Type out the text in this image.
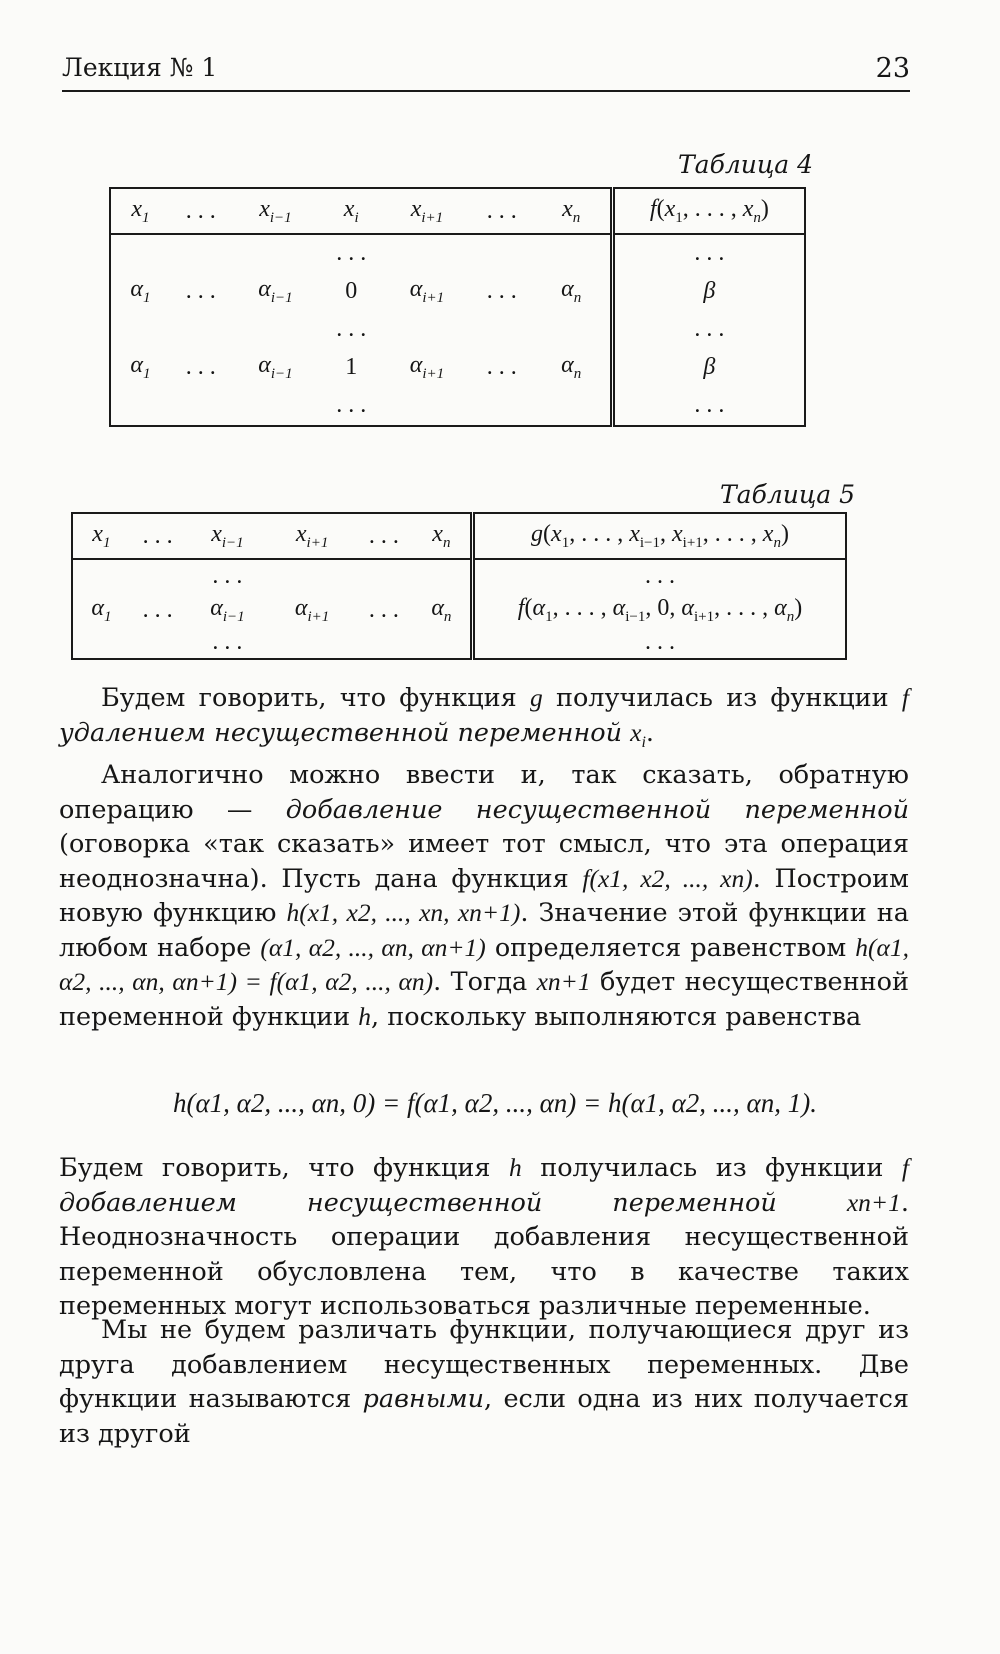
Лекция № 1	23
Таблица 4
$x_1$	. . .	$x_{i-1}$	$x_i$	$x_{i+1}$	. . .	$x_n$	$f(x_1$, . . . , $x_n$)
			. . .				. . .
$\alpha_1$	. . .	$\alpha_{i-1}$	0	$\alpha_{i+1}$	. . .	$\alpha_n$	β
			. . .				. . .
$\alpha_1$	. . .	$\alpha_{i-1}$	1	$\alpha_{i+1}$	. . .	$\alpha_n$	β
			. . .				. . .
Таблица 5
$x_1$	. . .	$x_{i-1}$	$x_{i+1}$	. . .	$x_n$	$g(x_1$, . . . , $x_{i-1}$, $x_{i+1}$, . . . , $x_n$)
		. . .				. . .
$\alpha_1$	. . .	$\alpha_{i-1}$	$\alpha_{i+1}$	. . .	$\alpha_n$	$f(\alpha_1$, . . . , $\alpha_{i-1}$, 0, $\alpha_{i+1}$, . . . , $\alpha_n$)
		. . .				. . .

Будем говорить, что функция g получилась из функции f удалением несущественной переменной $x_i$.

Аналогично можно ввести и, так сказать, обратную операцию — добавление несущественной переменной (оговорка «так сказать» имеет тот смысл, что эта операция неоднозначна). Пусть дана функция f(x1, x2, ..., xn). Построим новую функцию h(x1, x2, ..., xn, xn+1). Значение этой функции на любом наборе (α1, α2, ..., αn, αn+1) определяется равенством h(α1, α2, ..., αn, αn+1) = f(α1, α2, ..., αn). Тогда xn+1 будет несущественной переменной функции h, поскольку выполняются равенства

h(α1, α2, ..., αn, 0) = f(α1, α2, ..., αn) = h(α1, α2, ..., αn, 1).

Будем говорить, что функция h получилась из функции f добавлением несущественной переменной	xn+1. Неоднозначность операции добавления несущественной переменной обусловлена тем, что в качестве таких переменных могут использоваться различные переменные.

Мы не будем различать функции, получающиеся друг из друга добавлением несущественных переменных. Две функции называются равными, если одна из них получается из другой
